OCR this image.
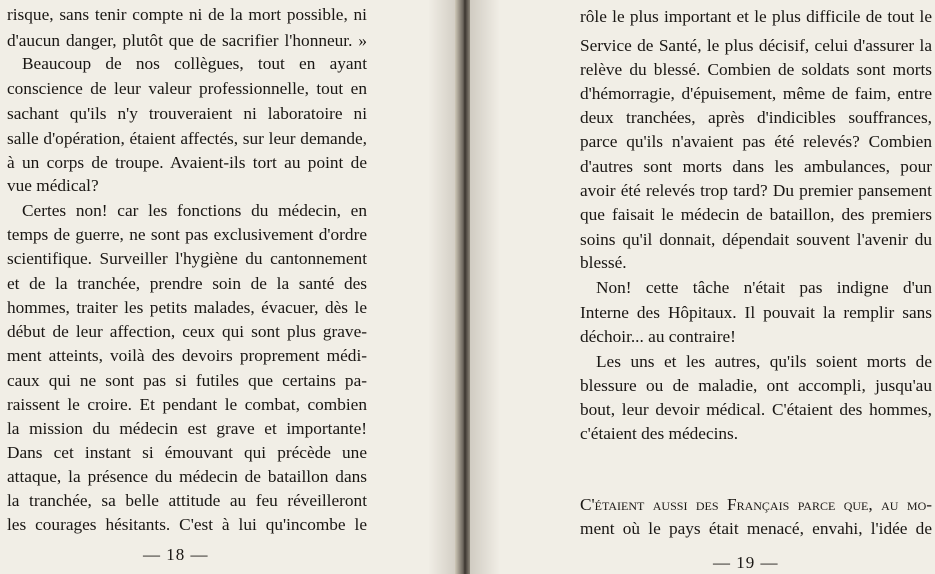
risque, sans tenir compte ni de la mort possible, ni
d'aucun danger, plutôt que de sacrifier l'honneur. »
Beaucoup de nos collègues, tout en ayant
conscience de leur valeur professionnelle, tout en
sachant qu'ils n'y trouveraient ni laboratoire ni
salle d'opération, étaient affectés, sur leur demande,
à un corps de troupe. Avaient-ils tort au point de
vue médical?
Certes non! car les fonctions du médecin, en
temps de guerre, ne sont pas exclusivement d'ordre
scientifique. Surveiller l'hygiène du cantonnement
et de la tranchée, prendre soin de la santé des
hommes, traiter les petits malades, évacuer, dès le
début de leur affection, ceux qui sont plus grave-
ment atteints, voilà des devoirs proprement médi-
caux qui ne sont pas si futiles que certains pa-
raissent le croire. Et pendant le combat, combien
la mission du médecin est grave et importante!
Dans cet instant si émouvant qui précède une
attaque, la présence du médecin de bataillon dans
la tranchée, sa belle attitude au feu réveilleront
les courages hésitants. C'est à lui qu'incombe le
— 18 —
rôle le plus important et le plus difficile de tout le
Service de Santé, le plus décisif, celui d'assurer la
relève du blessé. Combien de soldats sont morts
d'hémorragie, d'épuisement, même de faim, entre
deux tranchées, après d'indicibles souffrances,
parce qu'ils n'avaient pas été relevés? Combien
d'autres sont morts dans les ambulances, pour
avoir été relevés trop tard? Du premier pansement
que faisait le médecin de bataillon, des premiers
soins qu'il donnait, dépendait souvent l'avenir du
blessé.
Non! cette tâche n'était pas indigne d'un
Interne des Hôpitaux. Il pouvait la remplir sans
déchoir... au contraire!
Les uns et les autres, qu'ils soient morts de
blessure ou de maladie, ont accompli, jusqu'au
bout, leur devoir médical. C'étaient des hommes,
c'étaient des médecins.
C'étaient aussi des Français parce que, au mo-
ment où le pays était menacé, envahi, l'idée de
— 19 —
